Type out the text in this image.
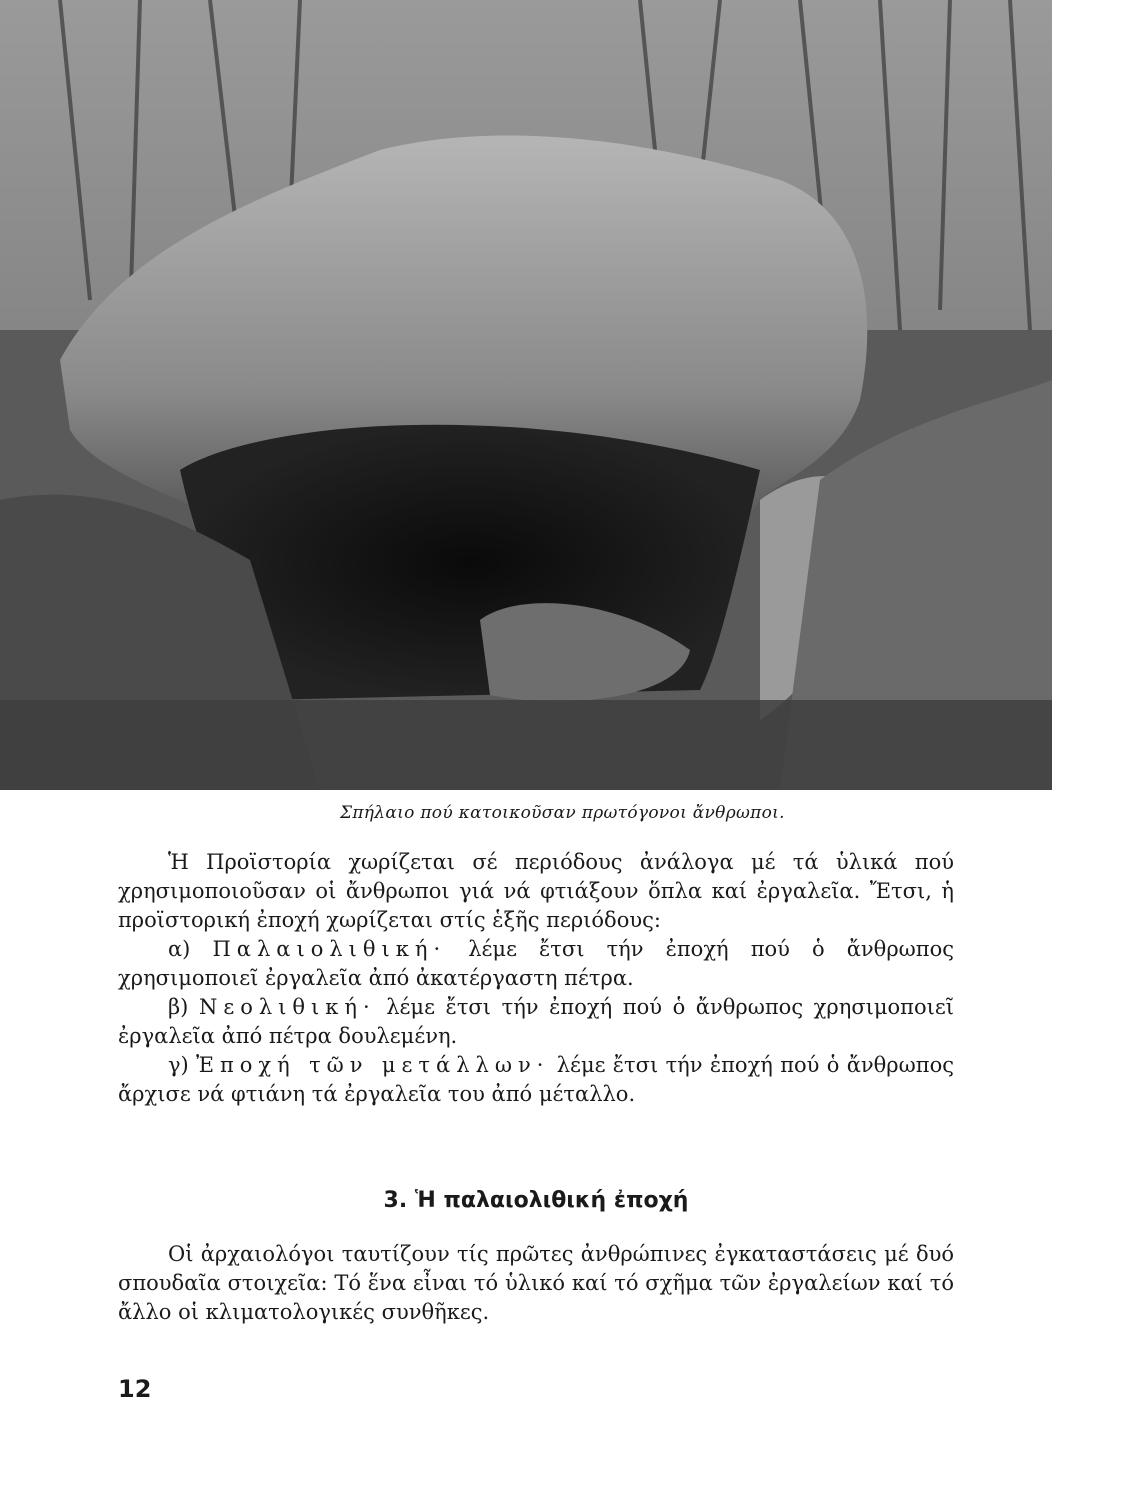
Σπήλαιο πού κατοικοῦσαν πρωτόγονοι ἄνθρωποι.

Ἡ Προϊστορία χωρίζεται σέ περιόδους ἀνάλογα μέ τά ὑλικά πού χρησιμοποιοῦσαν οἱ ἄνθρωποι γιά νά φτιάξουν ὅπλα καί ἐργαλεῖα. Ἔτσι, ἡ προϊστορική ἐποχή χωρίζεται στίς ἑξῆς περιόδους:

α) Παλαιολιθική· λέμε ἔτσι τήν ἐποχή πού ὁ ἄνθρωπος χρησιμοποιεῖ ἐργαλεῖα ἀπό ἀκατέργαστη πέτρα.

β) Νεολιθική· λέμε ἔτσι τήν ἐποχή πού ὁ ἄνθρωπος χρησιμοποιεῖ ἐργαλεῖα ἀπό πέτρα δουλεμένη.

γ) Ἐποχή τῶν μετάλλων· λέμε ἔτσι τήν ἐποχή πού ὁ ἄνθρωπος ἄρχισε νά φτιάνη τά ἐργαλεῖα του ἀπό μέταλλο.

3. Ἡ παλαιολιθική ἐποχή

Οἱ ἀρχαιολόγοι ταυτίζουν τίς πρῶτες ἀνθρώπινες ἐγκαταστάσεις μέ δυό σπουδαῖα στοιχεῖα: Τό ἕνα εἶναι τό ὑλικό καί τό σχῆμα τῶν ἐργαλείων καί τό ἄλλο οἱ κλιματολογικές συνθῆκες.

12
